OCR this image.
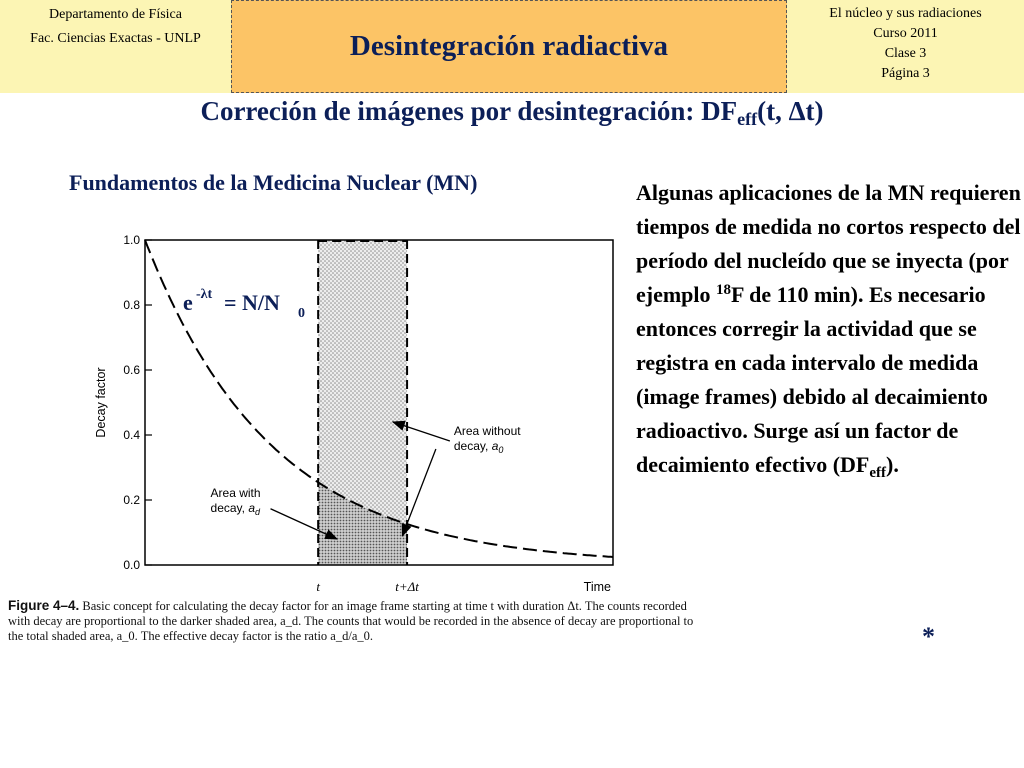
Departamento de Física
Fac. Ciencias Exactas - UNLP	Desintegración radiactiva
El núcleo y sus radiaciones
Curso 2011
Clase 3
Página 3
Correción de imágenes por desintegración: $DF_{eff}(t$, Δt)
Fundamentos de la Medicina Nuclear (MN)
0.0
0.2
0.4
0.6
0.8
1.0
Decay factor
t	t+Δt	Time
e -λt = N/N 0
Area with
decay, $a_d$
Area without
decay, $a_0$
Figure 4–4. Basic concept for calculating the decay factor for an image frame starting at time t with duration Δt. The counts recorded with decay are proportional to the darker shaded area, a_d. The counts that would be recorded in the absence of decay are proportional to the total shaded area, a_0. The effective decay factor is the ratio a_d/a_0.
Algunas aplicaciones de la MN requieren tiempos de medida no cortos respecto del período del nucleído que se inyecta (por ejemplo $^{18}$F de 110 min). Es necesario entonces corregir la actividad que se registra en cada intervalo de medida (image frames) debido al decaimiento radioactivo. Surge así un factor de decaimiento efectivo $(DF_{eff})$.
*
